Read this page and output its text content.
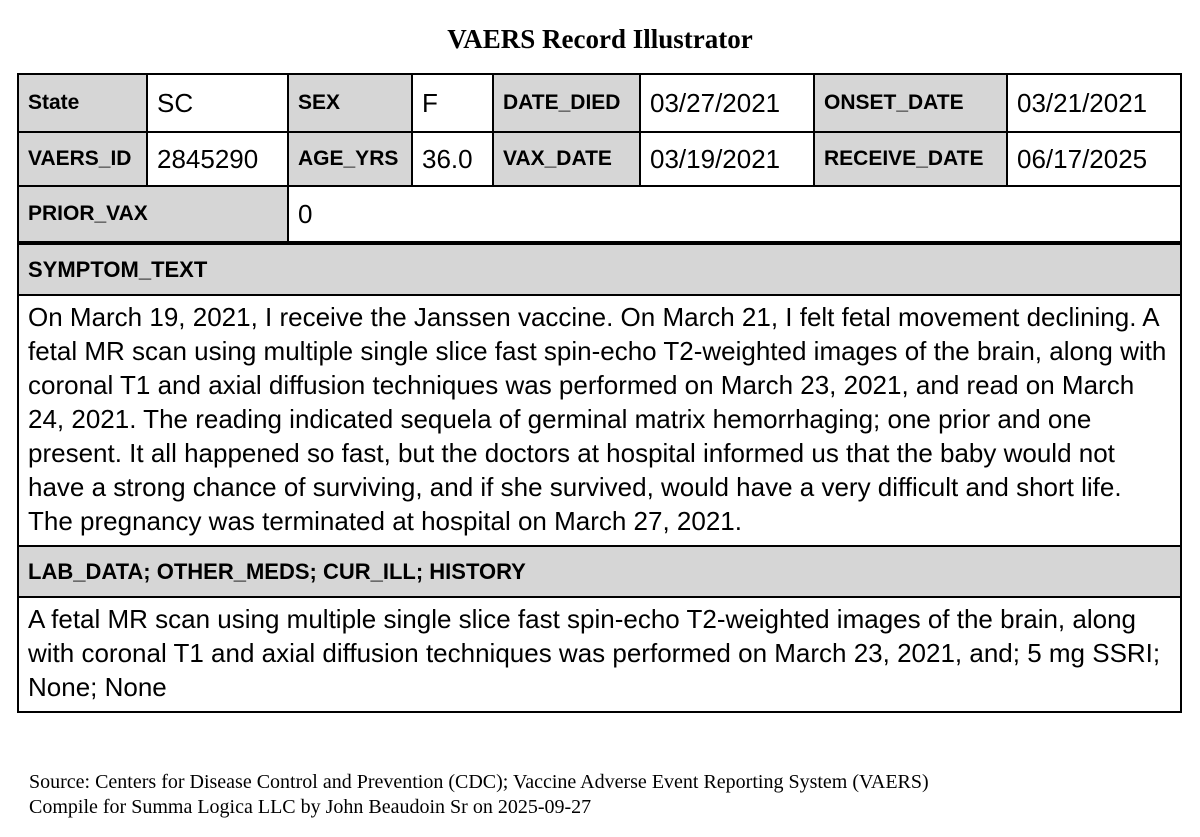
VAERS Record Illustrator
State	SC	SEX	F	DATE_DIED	03/27/2021	ONSET_DATE	03/21/2021
VAERS_ID 2845290	AGE_YRS 36.0	VAX_DATE	03/19/2021	RECEIVE_DATE	06/17/2025
PRIOR_VAX	0
SYMPTOM_TEXT
On March 19, 2021, I receive the Janssen vaccine. On March 21, I felt fetal movement declining. A fetal MR scan using multiple single slice fast spin-echo T2-weighted images of the brain, along with coronal T1 and axial diffusion techniques was performed on March 23, 2021, and read on March 24, 2021. The reading indicated sequela of germinal matrix hemorrhaging; one prior and one present. It all happened so fast, but the doctors at hospital informed us that the baby would not have a strong chance of surviving, and if she survived, would have a very difficult and short life. The pregnancy was terminated at hospital on March 27, 2021.
LAB_DATA; OTHER_MEDS; CUR_ILL; HISTORY
A fetal MR scan using multiple single slice fast spin-echo T2-weighted images of the brain, along with coronal T1 and axial diffusion techniques was performed on March 23, 2021, and; 5 mg SSRI; None; None
Source: Centers for Disease Control and Prevention (CDC); Vaccine Adverse Event Reporting System (VAERS)
Compile for Summa Logica LLC by John Beaudoin Sr on 2025-09-27
